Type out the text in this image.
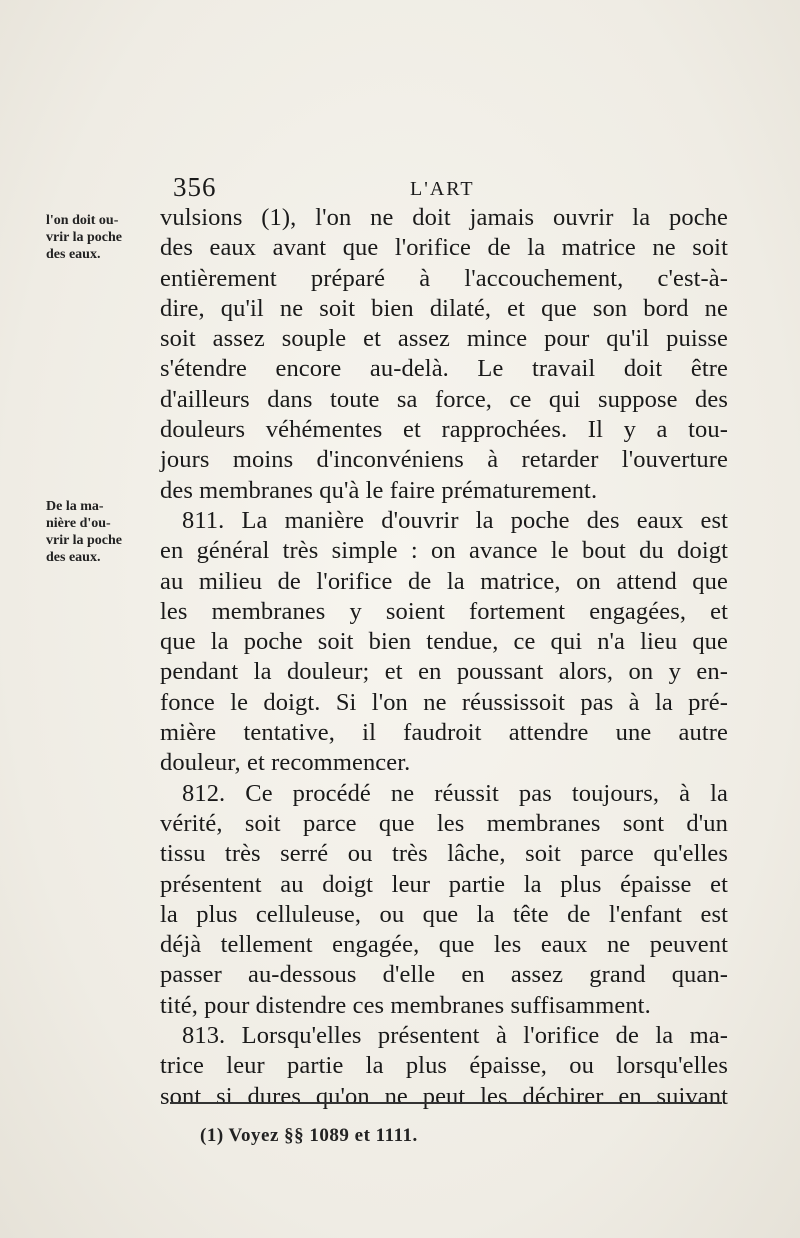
356	L'ART
l'on doit ou-
vrir la poche
des eaux.
De la ma-
nière d'ou-
vrir la poche
des eaux.
vulsions (1), l'on ne doit jamais ouvrir la poche
des eaux avant que l'orifice de la matrice ne soit
entièrement préparé à l'accouchement, c'est-à-
dire, qu'il ne soit bien dilaté, et que son bord ne
soit assez souple et assez mince pour qu'il puisse
s'étendre encore au-delà. Le travail doit être
d'ailleurs dans toute sa force, ce qui suppose des
douleurs véhémentes et rapprochées. Il y a tou-
jours moins d'inconvéniens à retarder l'ouverture
des membranes qu'à le faire prématurement.
811. La manière d'ouvrir la poche des eaux est
en général très simple : on avance le bout du doigt
au milieu de l'orifice de la matrice, on attend que
les membranes y soient fortement engagées, et
que la poche soit bien tendue, ce qui n'a lieu que
pendant la douleur; et en poussant alors, on y en-
fonce le doigt. Si l'on ne réussissoit pas à la pré-
mière tentative, il faudroit attendre une autre
douleur, et recommencer.
812. Ce procédé ne réussit pas toujours, à la
vérité, soit parce que les membranes sont d'un
tissu très serré ou très lâche, soit parce qu'elles
présentent au doigt leur partie la plus épaisse et
la plus celluleuse, ou que la tête de l'enfant est
déjà tellement engagée, que les eaux ne peuvent
passer au-dessous d'elle en assez grand quan-
tité, pour distendre ces membranes suffisamment.
813. Lorsqu'elles présentent à l'orifice de la ma-
trice leur partie la plus épaisse, ou lorsqu'elles
sont si dures qu'on ne peut les déchirer en suivant
(1) Voyez §§ 1089 et 1111.
